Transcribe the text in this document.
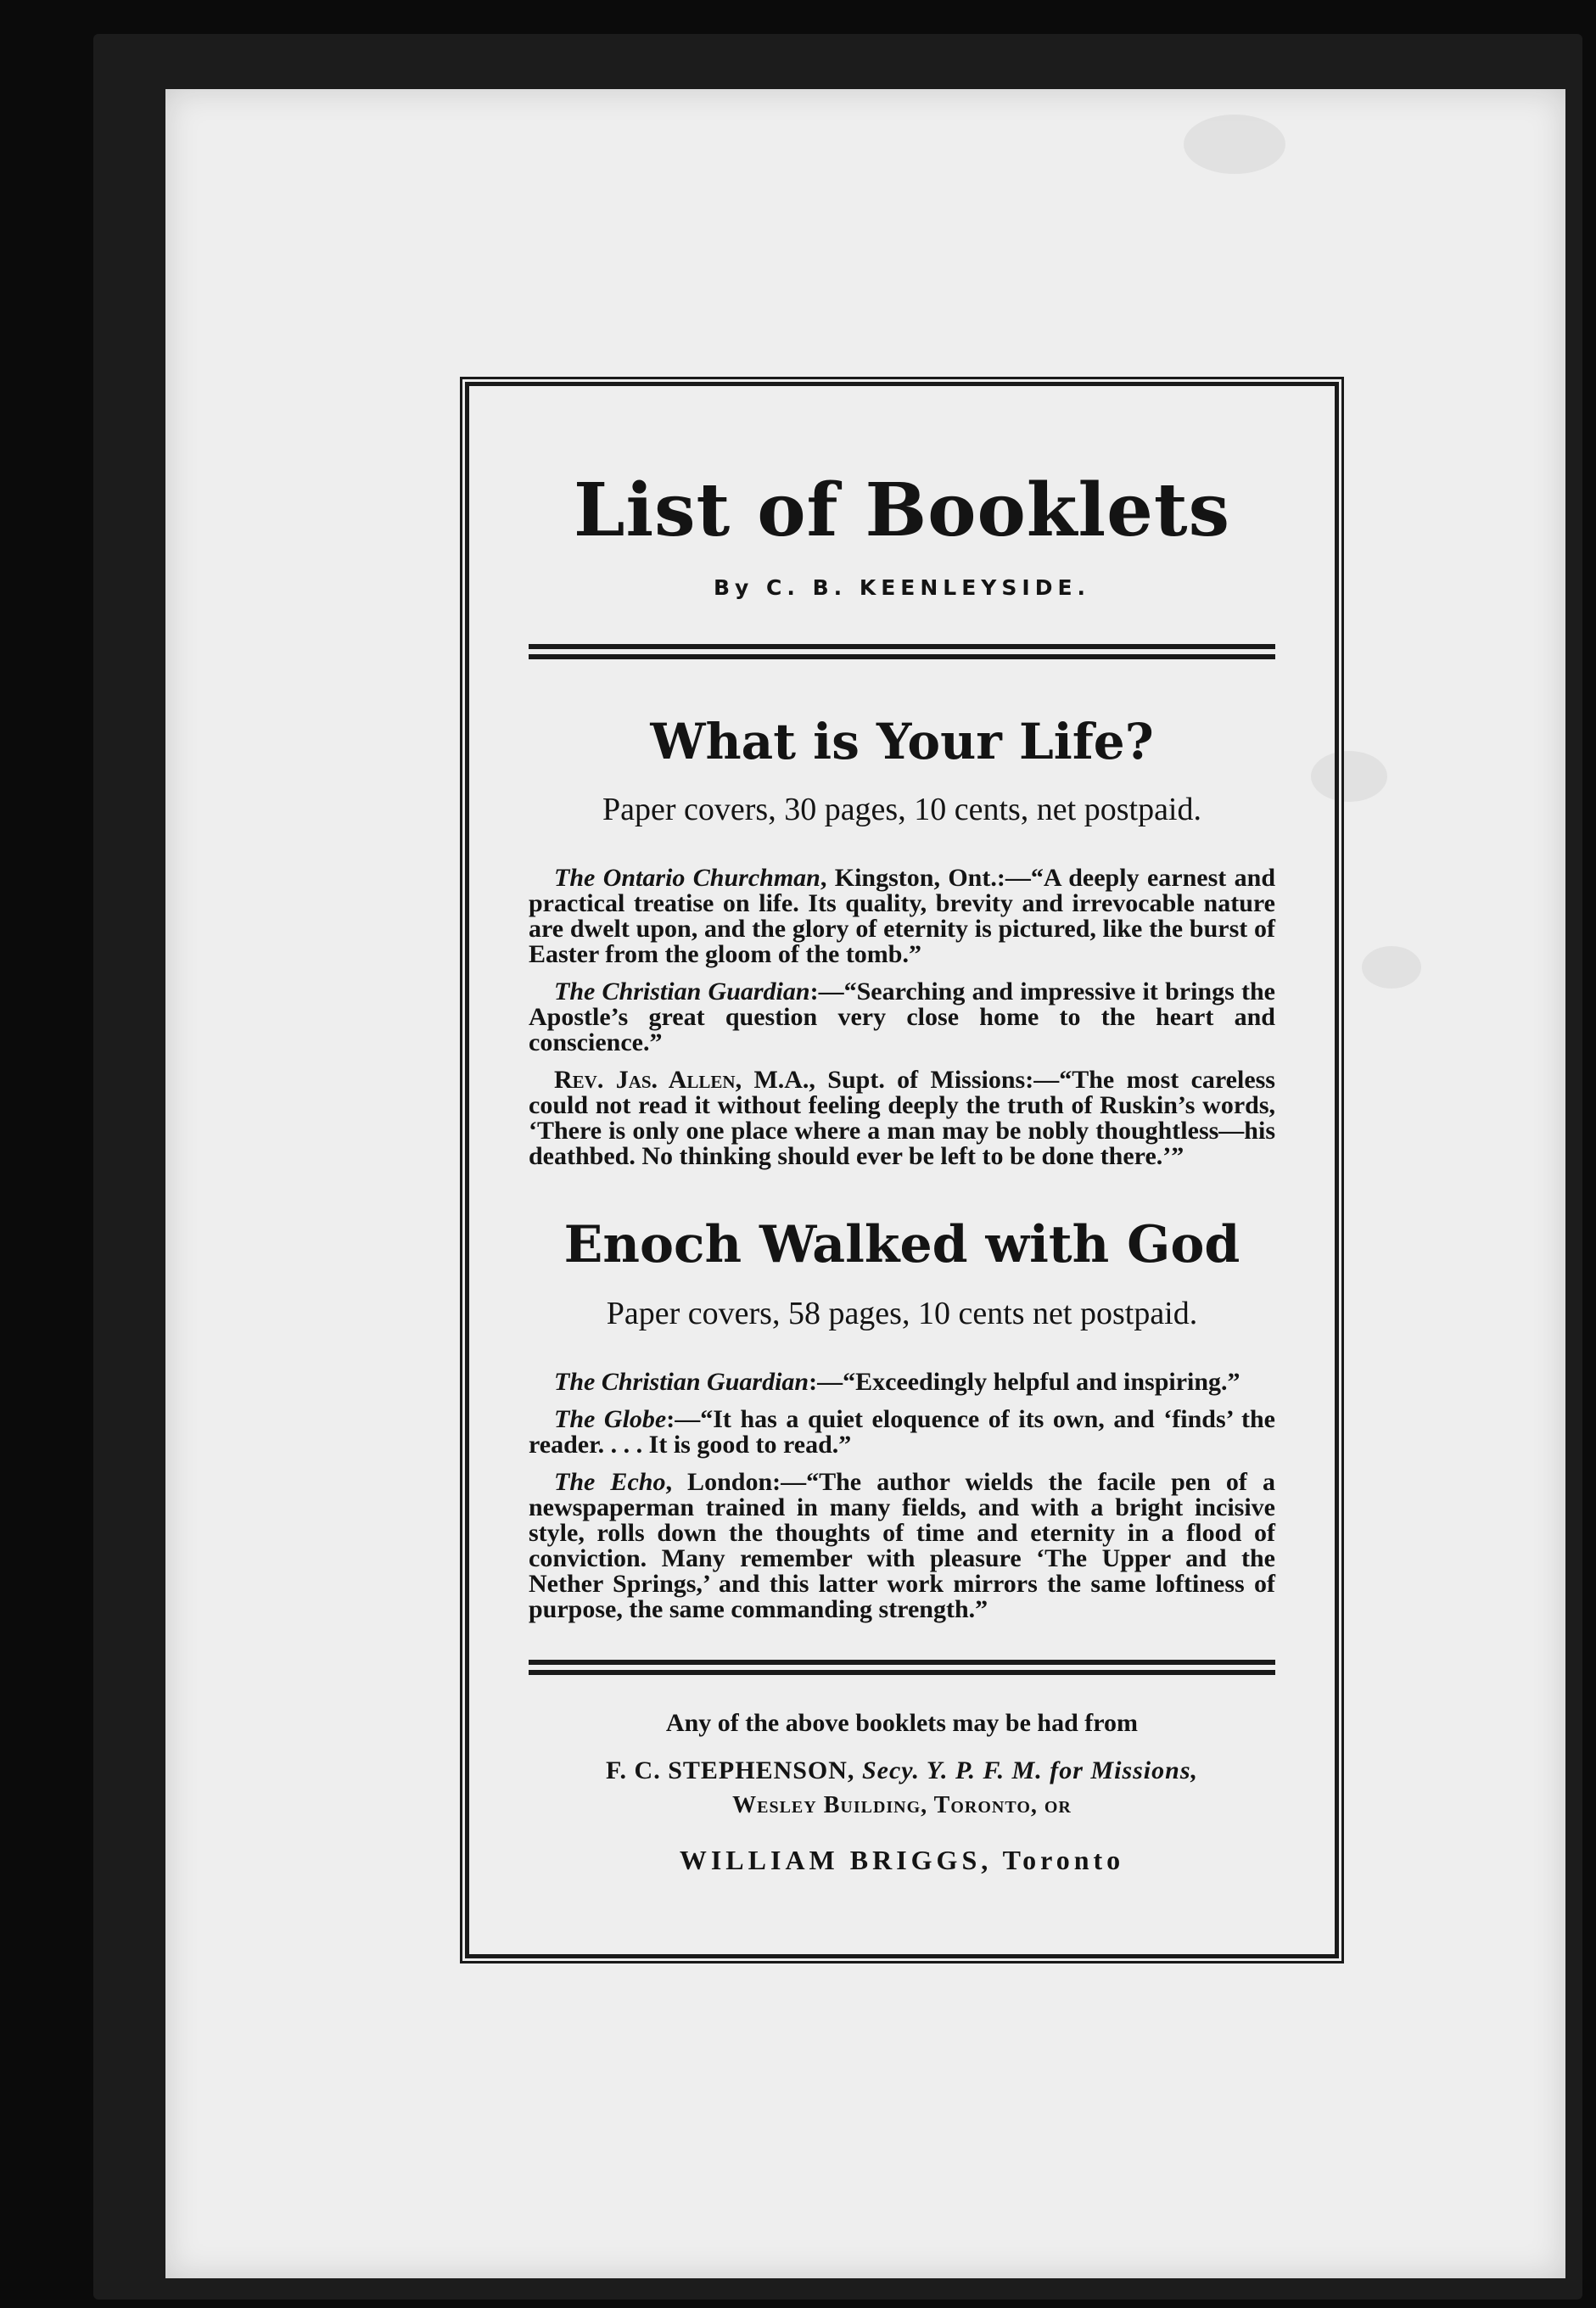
List of Booklets
By C. B. KEENLEYSIDE.
What is Your Life?
Paper covers, 30 pages, 10 cents, net postpaid.

The Ontario Churchman, Kingston, Ont.:—“A deeply earnest and practical treatise on life. Its quality, brevity and irrevocable nature are dwelt upon, and the glory of eternity is pictured, like the burst of Easter from the gloom of the tomb.”

The Christian Guardian:—“Searching and impressive it brings the Apostle’s great question very close home to the heart and conscience.”

Rev. Jas. Allen, M.A., Supt. of Missions:—“The most careless could not read it without feeling deeply the truth of Ruskin’s words, ‘There is only one place where a man may be nobly thoughtless—his deathbed. No thinking should ever be left to be done there.’”

Enoch Walked with God
Paper covers, 58 pages, 10 cents net postpaid.

The Christian Guardian:—“Exceedingly helpful and inspiring.”

The Globe:—“It has a quiet eloquence of its own, and ‘finds’ the reader. . . . It is good to read.”

The Echo, London:—“The author wields the facile pen of a newspaperman trained in many fields, and with a bright incisive style, rolls down the thoughts of time and eternity in a flood of conviction. Many remember with pleasure ‘The Upper and the Nether Springs,’ and this latter work mirrors the same loftiness of purpose, the same commanding strength.”

Any of the above booklets may be had from
F. C. STEPHENSON, Secy. Y. P. F. M. for Missions,
Wesley Building, Toronto, or
WILLIAM BRIGGS, Toronto
